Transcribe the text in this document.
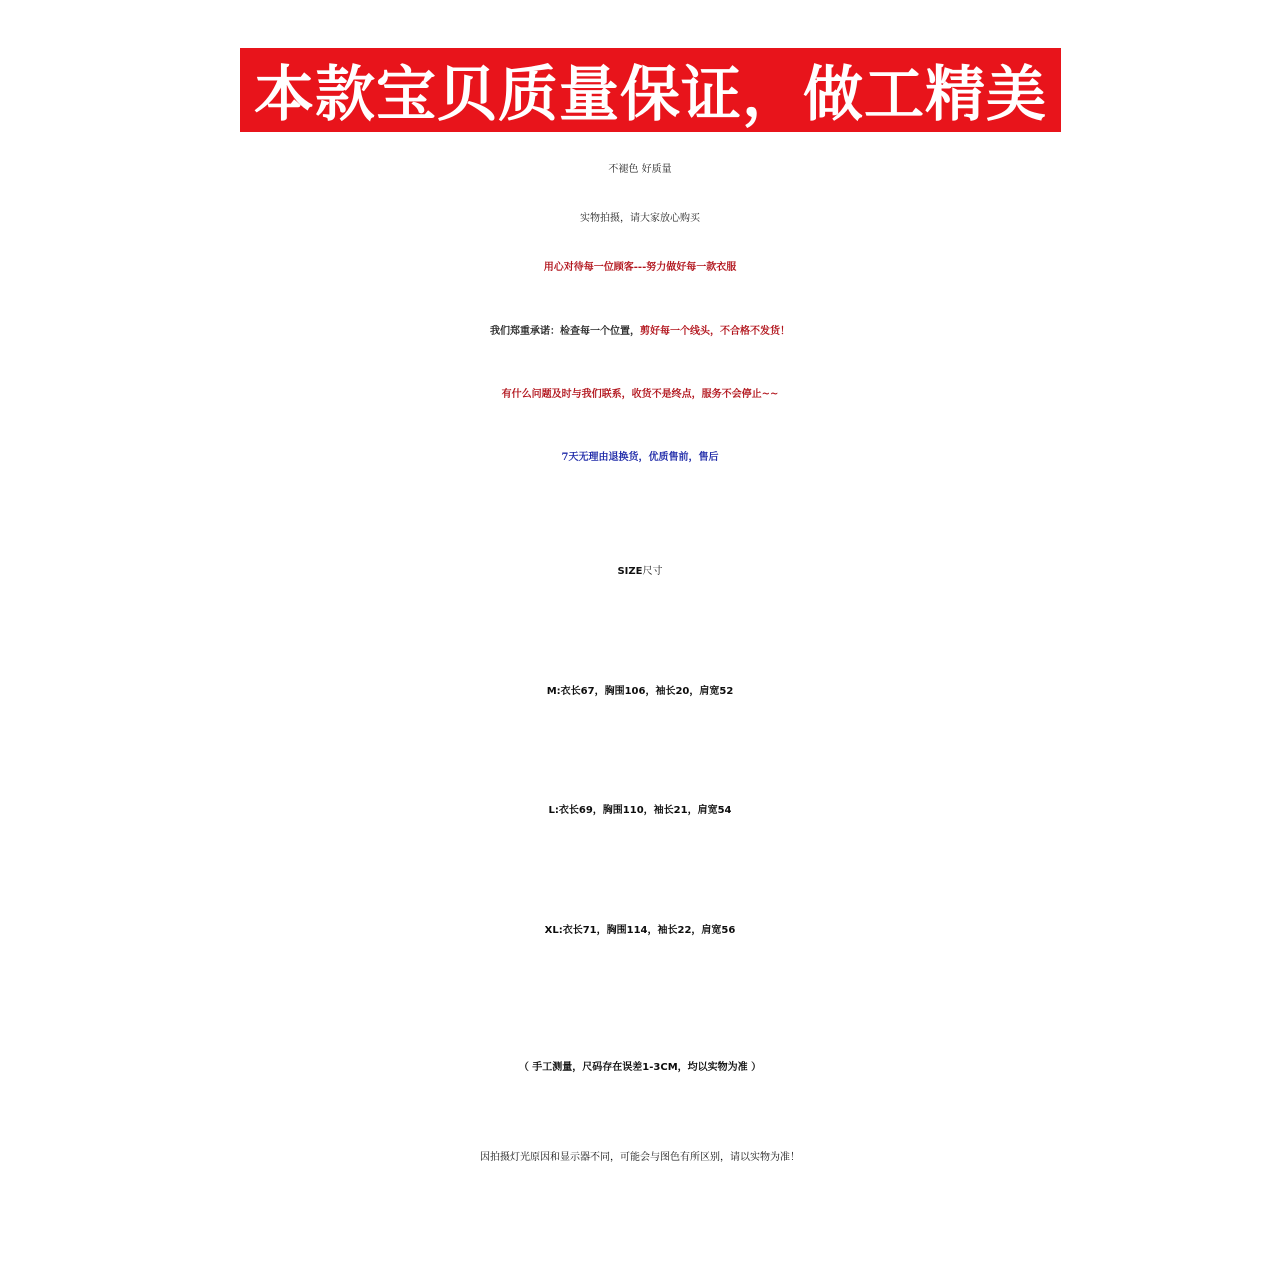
本款宝贝质量保证，做工精美
不褪色 好质量
实物拍摄，请大家放心购买
用心对待每一位顾客---努力做好每一款衣服
我们郑重承诺：检查每一个位置，剪好每一个线头，不合格不发货！
有什么问题及时与我们联系，收货不是终点，服务不会停止~~
7天无理由退换货，优质售前，售后
SIZE尺寸
M:衣长67，胸围106，袖长20，肩宽52
L:衣长69，胸围110，袖长21，肩宽54
XL:衣长71，胸围114，袖长22，肩宽56
（ 手工测量，尺码存在误差1-3CM，均以实物为准 ）
因拍摄灯光原因和显示器不同，可能会与图色有所区别，请以实物为准！
